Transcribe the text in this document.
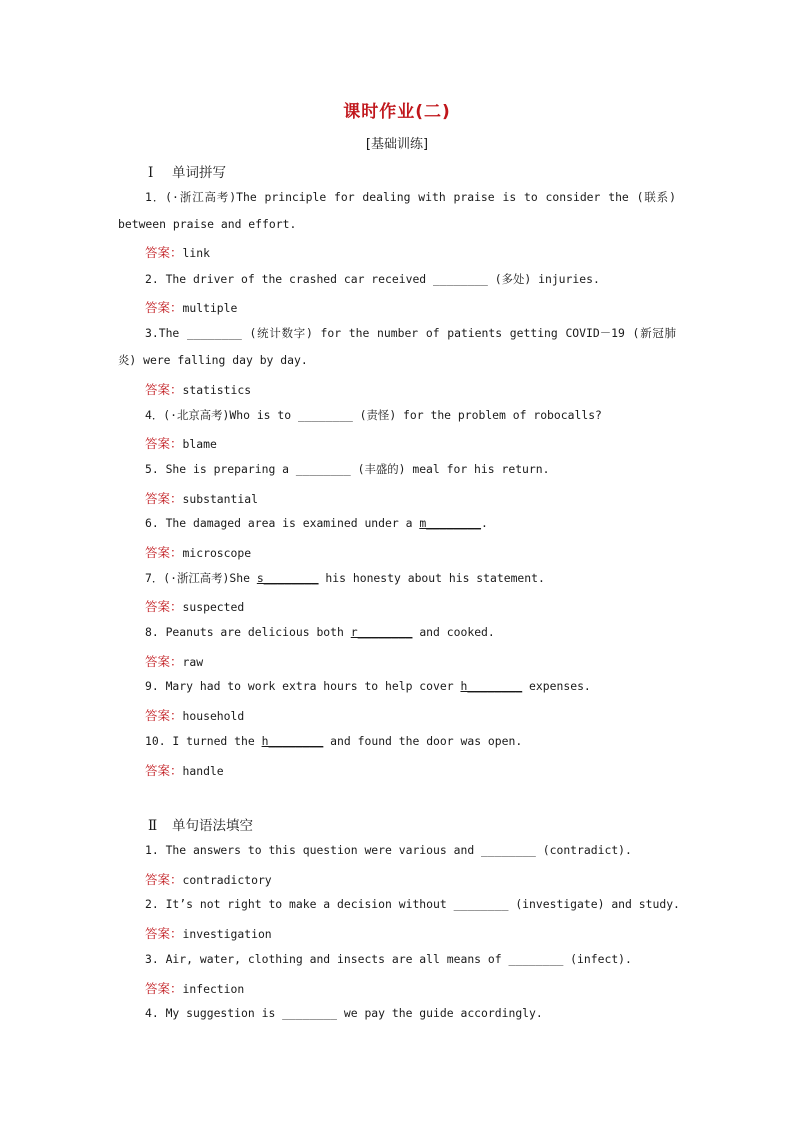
课时作业(二)
[基础训练]
Ⅰ 单词拼写
1．(·浙江高考)The principle for dealing with praise is to consider the (联系) between praise and effort.
答案：link
2. The driver of the crashed car received ________ (多处) injuries.
答案：multiple
3.The ________ (统计数字) for the number of patients getting COVID－19 (新冠肺炎) were falling day by day.
答案：statistics
4．(·北京高考)Who is to ________ (责怪) for the problem of robocalls?
答案：blame
5. She is preparing a ________ (丰盛的) meal for his return.
答案：substantial
6. The damaged area is examined under a m________.
答案：microscope
7．(·浙江高考)She s________ his honesty about his statement.
答案：suspected
8. Peanuts are delicious both r________ and cooked.
答案：raw
9. Mary had to work extra hours to help cover h________ expenses.
答案：household
10. I turned the h________ and found the door was open.
答案：handle
Ⅱ 单句语法填空
1. The answers to this question were various and ________ (contradict).
答案：contradictory
2. It’s not right to make a decision without ________ (investigate) and study.
答案：investigation
3. Air, water, clothing and insects are all means of ________ (infect).
答案：infection
4. My suggestion is ________ we pay the guide accordingly.
